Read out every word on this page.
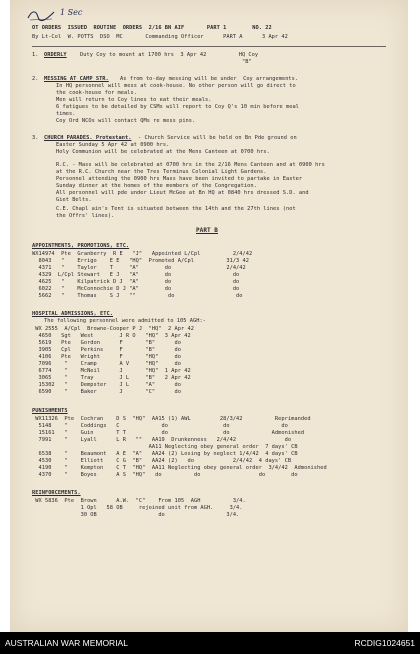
1 Sec
OT ORDERS  ISSUED  ROUTINE  ORDERS  2/16 BN AIF       PART 1        NO. 22
By Lt-Col  W. POTTS  DSO  MC       Commanding Officer      PART A      3 Apr 42
1. ORDERLY	Duty Coy to mount at 1700 hrs  3 Apr 42          HQ Coy
"B"
2. MESSING AT CAMP STR. As from to-day messing will be under  Coy arrangements.
In HQ personnel will mess at cook-house. No other person will go direct to
the cook-house for meals.
Men will return to Coy lines to eat their meals.
6 fatigues to be detailed by CSMs will report to Coy Q's 10 min before meal
times.
Coy Ord NCOs will contact QMs re mess pins.
3. CHURCH PARADES. Protestant. - Church Service will be held on Bn Pde ground on
Easter Sunday 5 Apr 42 at 0900 hrs.
Holy Communion will be celebrated at the Mens Canteen at 0700 hrs.
R.C. - Mass will be celebrated at 0700 hrs in the 2/16 Mens Canteen and at 0900 hrs
at the R.C. Church near the Tres Terminus Colonial Light Gardens.
Personnel attending the 0900 hrs Mass have been invited to partake in Easter
Sunday dinner at the homes of the members of the Congregation.
All personnel will pde under Lieut McGee at Bn HQ at 0840 hrs dressed S.D. and
Giet Belts.
C.E. Chapl ain's Tent is situated between the 14th and the 27th lines (not
the Offrs' lines).
PART B
APPOINTMENTS, PROMOTIONS, ETC.
WX14974  Pte  Granberry  R E   "J"   Appointed L/Cpl          2/4/42
8043   "    Errigo    E E   "HQ"  Promoted A/Cpl          31/3 42
4371   "    Taylor    T     "A"        do                 2/4/42
4329  L/Cpl Stewart   E J   "A"        do                   do
4625   "    Kilpatrick D J  "A"        do                   do
6022   "    McConnochie D J "A"        do                   do
5662   "    Thomas    S J   ""          do                   do
HOSPITAL ADMISSIONS, ETC.
The following personnel were admitted to 105 AGH:-
WX 2555  A/Cpl  Browne-Cooper P J  "HQ"  2 Apr 42
4650   Sgt   West        J R O   "HQ"  3 Apr 42
5619   Pte   Gordon      F       "B"      do
3905   Cpl   Perkins     F       "B"      do
4106   Pte   Wright      F       "HQ"     do
7096    "    Cramp       A V     "HQ"     do
6774    "    McNeil      J       "HQ"  1 Apr 42
3065    "    Tray        J L     "B"   2 Apr 42
15302   "    Dempster    J L     "A"      do
6590    "    Baker       J       "C"      do
PUNISHMENTS
WX11326  Pte  Cochran    D S  "HQ"  AA15 (1) AWL         28/3/42          Reprimanded
5148    "    Coddings   C             do                 do                do
15161   "    Guin       T T           do                 do             Admonished
7991    "    Lyall      L R   ""   AA19  Drunkenness   2/4/42               do
AA11 Neglecting obey general order  7 days' CB
6538    "    Beaumont   A E  "A"   AA24 (2) Losing by neglect 1/4/42  4 days' CB
4530    "    Elliott    C G  "B"   AA24 (2)   do            2/4/42  4 days' CB
4190    "    Kempton    C T  "HQ"  AA11 Neglecting obey general order  3/4/42  Admonished
4370    "    Boyes      A S  "HQ"   do          do                  do        do
REINFORCEMENTS.
WX 5836  Pte  Brown      A.W.  "C"    From 105  AGH          3/4.
1 Opl   58 OB     rejoined unit from AGH.     3/4.
30 OB                   do                   3/4.
AUSTRALIAN WAR MEMORIAL	RCDIG1024651
